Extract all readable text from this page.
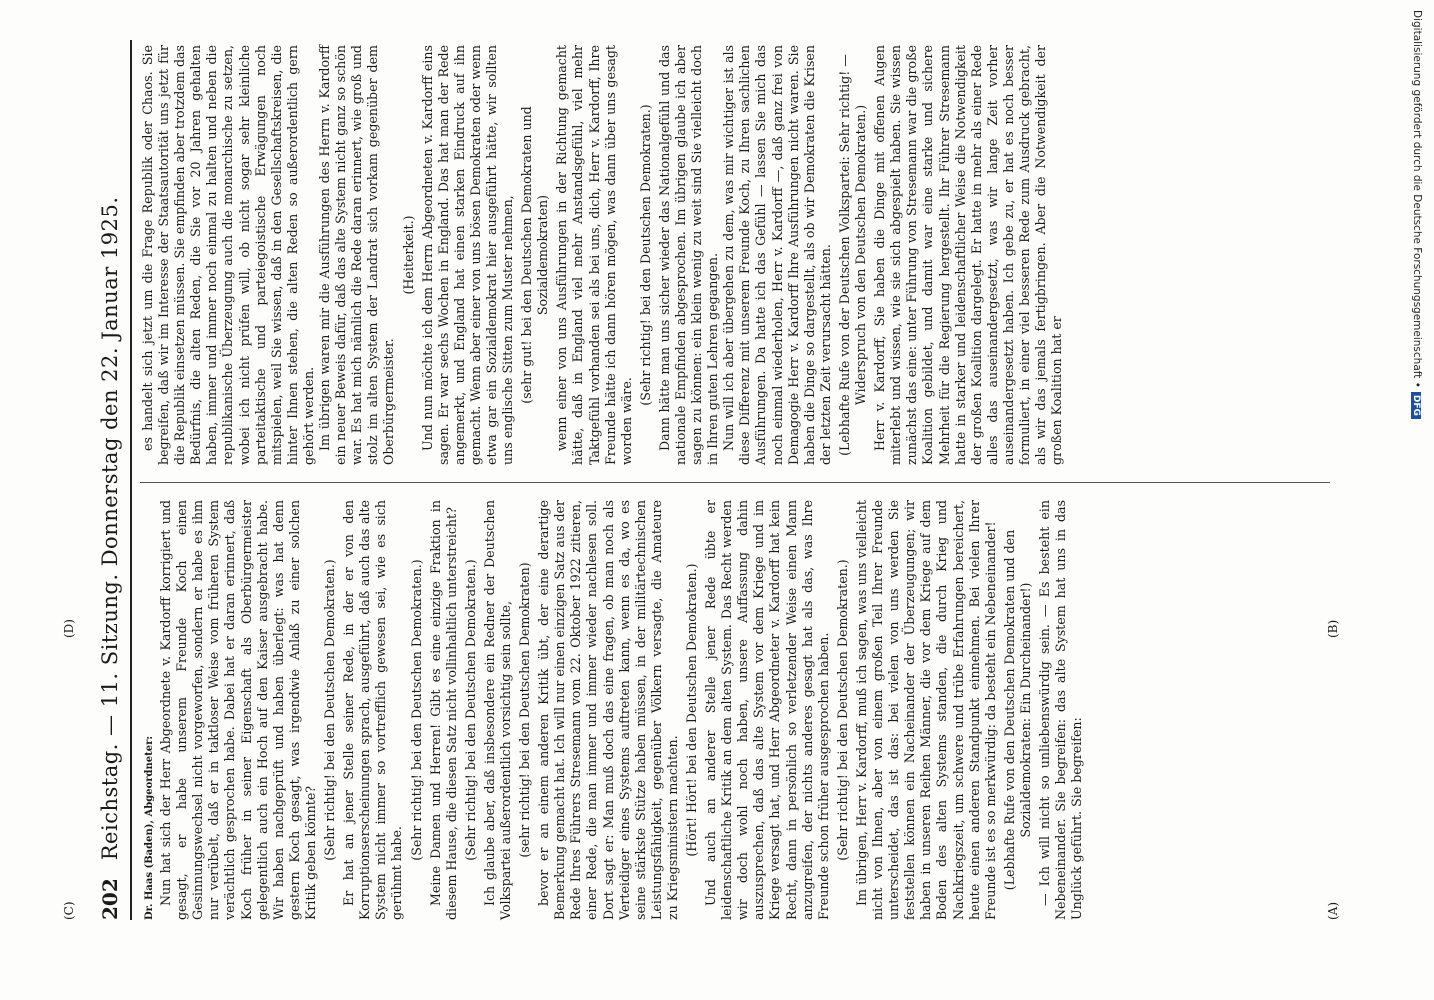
202
Reichstag. — 11. Sitzung. Donnerstag den 22. Januar 1925.	Dr. Haas (Baden), Abgeordneter: Nun hat sich der Herr Abgeordnete v. Kardorff korrigiert und gesagt, er habe unserem Freunde Koch einen Gesinnungswechsel nicht vorgeworfen, sondern er habe es ihm nur verübelt, daß er in taktloser Weise vom früheren System verächtlich gesprochen habe. Dabei hat er daran erinnert, daß Koch früher in seiner Eigenschaft als Oberbürgermeister gelegentlich auch ein Hoch auf den Kaiser ausgebracht habe. Wir haben nachgeprüft und haben überlegt: was hat denn gestern Koch gesagt, was irgendwie Anlaß zu einer solchen Kritik geben könnte? (Sehr richtig! bei den Deutschen Demokraten.) Er hat an jener Stelle seiner Rede, in der er von den Korruptionserscheinungen sprach, ausgeführt, daß auch das alte System nicht immer so vortrefflich gewesen sei, wie es sich gerühmt habe.

(Sehr richtig! bei den Deutschen Demokraten.) Meine Damen und Herren! Gibt es eine einzige Fraktion in diesem Hause, die diesen Satz nicht vollinhaltlich unterstreicht? (Sehr richtig! bei den Deutschen Demokraten.) Ich glaube aber, daß insbesondere ein Redner der Deutschen Volkspartei außerordentlich vorsichtig sein sollte, (sehr richtig! bei den Deutschen Demokraten) bevor er an einem anderen Kritik übt, der eine derartige Bemerkung gemacht hat. Ich will nur einen einzigen Satz aus der Rede Ihres Führers Stresemann vom 22. Oktober 1922 zitieren, einer Rede, die man immer und immer wieder nachlesen soll. Dort sagt er: Man muß doch das eine fragen, ob man noch als Verteidiger eines Systems auftreten kann, wenn es da, wo es seine stärkste Stütze haben müssen, in der militärtechnischen Leistungsfähigkeit, gegenüber Völkern versagte, die Amateure zu Kriegsministern machten. (Hört! Hört! bei den Deutschen Demokraten.) Und auch an anderer Stelle jener Rede übte er leidenschaftliche Kritik an dem alten System. Das Recht werden wir doch wohl noch haben, unsere Auffassung dahin auszusprechen, daß das alte System vor dem Kriege und im Kriege versagt hat, und Herr Abgeordneter v. Kardorff hat kein Recht, dann in persönlich so verletzender Weise einen Mann anzugreifen, der nichts anderes gesagt hat als das, was Ihre Freunde schon früher ausgesprochen haben. (Sehr richtig! bei den Deutschen Demokraten.) Im übrigen, Herr v. Kardorff, muß ich sagen, was uns vielleicht nicht von Ihnen, aber von einem großen Teil Ihrer Freunde unterscheidet, das ist das: bei vielen von uns werden Sie feststellen können ein Nacheinander der Überzeugungen; wir haben in unseren Reihen Männer, die vor dem Kriege auf dem Boden des alten Systems standen, die durch Krieg und Nachkriegszeit, um schwere und trübe Erfahrungen bereichert, heute einen anderen Standpunkt einnehmen. Bei vielen Ihrer Freunde ist es so merkwürdig: da besteht ein Nebeneinander! (Lebhafte Rufe von den Deutschen Demokraten und den Sozialdemokraten: Ein Durcheinander!) — Ich will nicht so unliebenswürdig sein. — Es besteht ein Nebeneinander. Sie begreifen: das alte System hat uns in das Unglück geführt. Sie begreifen:

es handelt sich jetzt um die Frage Republik oder Chaos. Sie begreifen, daß wir im Interesse der Staatsautorität uns jetzt für die Republik einsetzen müssen. Sie empfinden aber trotzdem das Bedürfnis, die alten Reden, die Sie vor 20 Jahren gehalten haben, immer und immer noch einmal zu halten und neben die republikanische Überzeugung auch die monarchische zu setzen, wobei ich nicht prüfen will, ob nicht sogar sehr kleinliche parteitaktische und parteiegoistische Erwägungen noch mitspielen, weil Sie wissen, daß in den Gesellschaftskreisen, die hinter Ihnen stehen, die alten Reden so außerordentlich gern gehört werden. Im übrigen waren mir die Ausführungen des Herrn v. Kardorff ein neuer Beweis dafür, daß das alte System nicht ganz so schön war. Es hat mich nämlich die Rede daran erinnert, wie groß und stolz im alten System der Landrat sich vorkam gegenüber dem Oberbürgermeister.

(Heiterkeit.) Und nun möchte ich dem Herrn Abgeordneten v. Kardorff eins sagen. Er war sechs Wochen in England. Das hat man der Rede angemerkt, und England hat einen starken Eindruck auf ihn gemacht. Wenn aber einer von uns bösen Demokraten oder wenn etwa gar ein Sozialdemokrat hier ausgeführt hätte, wir sollten uns englische Sitten zum Muster nehmen, (sehr gut! bei den Deutschen Demokraten und Sozialdemokraten) wenn einer von uns Ausführungen in der Richtung gemacht hätte, daß in England viel mehr Anstandsgefühl, viel mehr Taktgefühl vorhanden sei als bei uns, dich, Herr v. Kardorff, Ihre Freunde hätte ich dann hören mögen, was dann über uns gesagt worden wäre.

(Sehr richtig! bei den Deutschen Demokraten.) Dann hätte man uns sicher wieder das Nationalgefühl und das nationale Empfinden abgesprochen. Im übrigen glaube ich aber sagen zu können: ein klein wenig zu weit sind Sie vielleicht doch in Ihren guten Lehren gegangen. Nun will ich aber übergehen zu dem, was mir wichtiger ist als diese Differenz mit unserem Freunde Koch, zu Ihren sachlichen Ausführungen. Da hatte ich das Gefühl — lassen Sie mich das noch einmal wiederholen, Herr v. Kardorff —, daß ganz frei von Demagogie Herr v. Kardorff Ihre Ausführungen nicht waren. Sie haben die Dinge so dargestellt, als ob wir Demokraten die Krisen der letzten Zeit verursacht hätten. (Lebhafte Rufe von der Deutschen Volkspartei: Sehr richtig! — Widerspruch von den Deutschen Demokraten.) Herr v. Kardorff, Sie haben die Dinge mit offenen Augen miterlebt und wissen, wie sie sich abgespielt haben. Sie wissen zunächst das eine: unter Führung von Stresemann war die große Koalition gebildet, und damit war eine starke und sichere Mehrheit für die Regierung hergestellt. Ihr Führer Stresemann hatte in starker und leidenschaftlicher Weise die Notwendigkeit der großen Koalition dargelegt. Er hatte in mehr als einer Rede alles das auseinandergesetzt, was wir lange Zeit vorher auseinandergesetzt haben. Ich gebe zu, er hat es noch besser formuliert, in einer viel besseren Rede zum Ausdruck gebracht, als wir das jemals fertigbringen. Aber die Notwendigkeit der großen Koalition hat er

(A)
(B)
(C)
(D)
Digitalisierung gefördert durch die Deutsche Forschungsgemeinschaft •DFG
